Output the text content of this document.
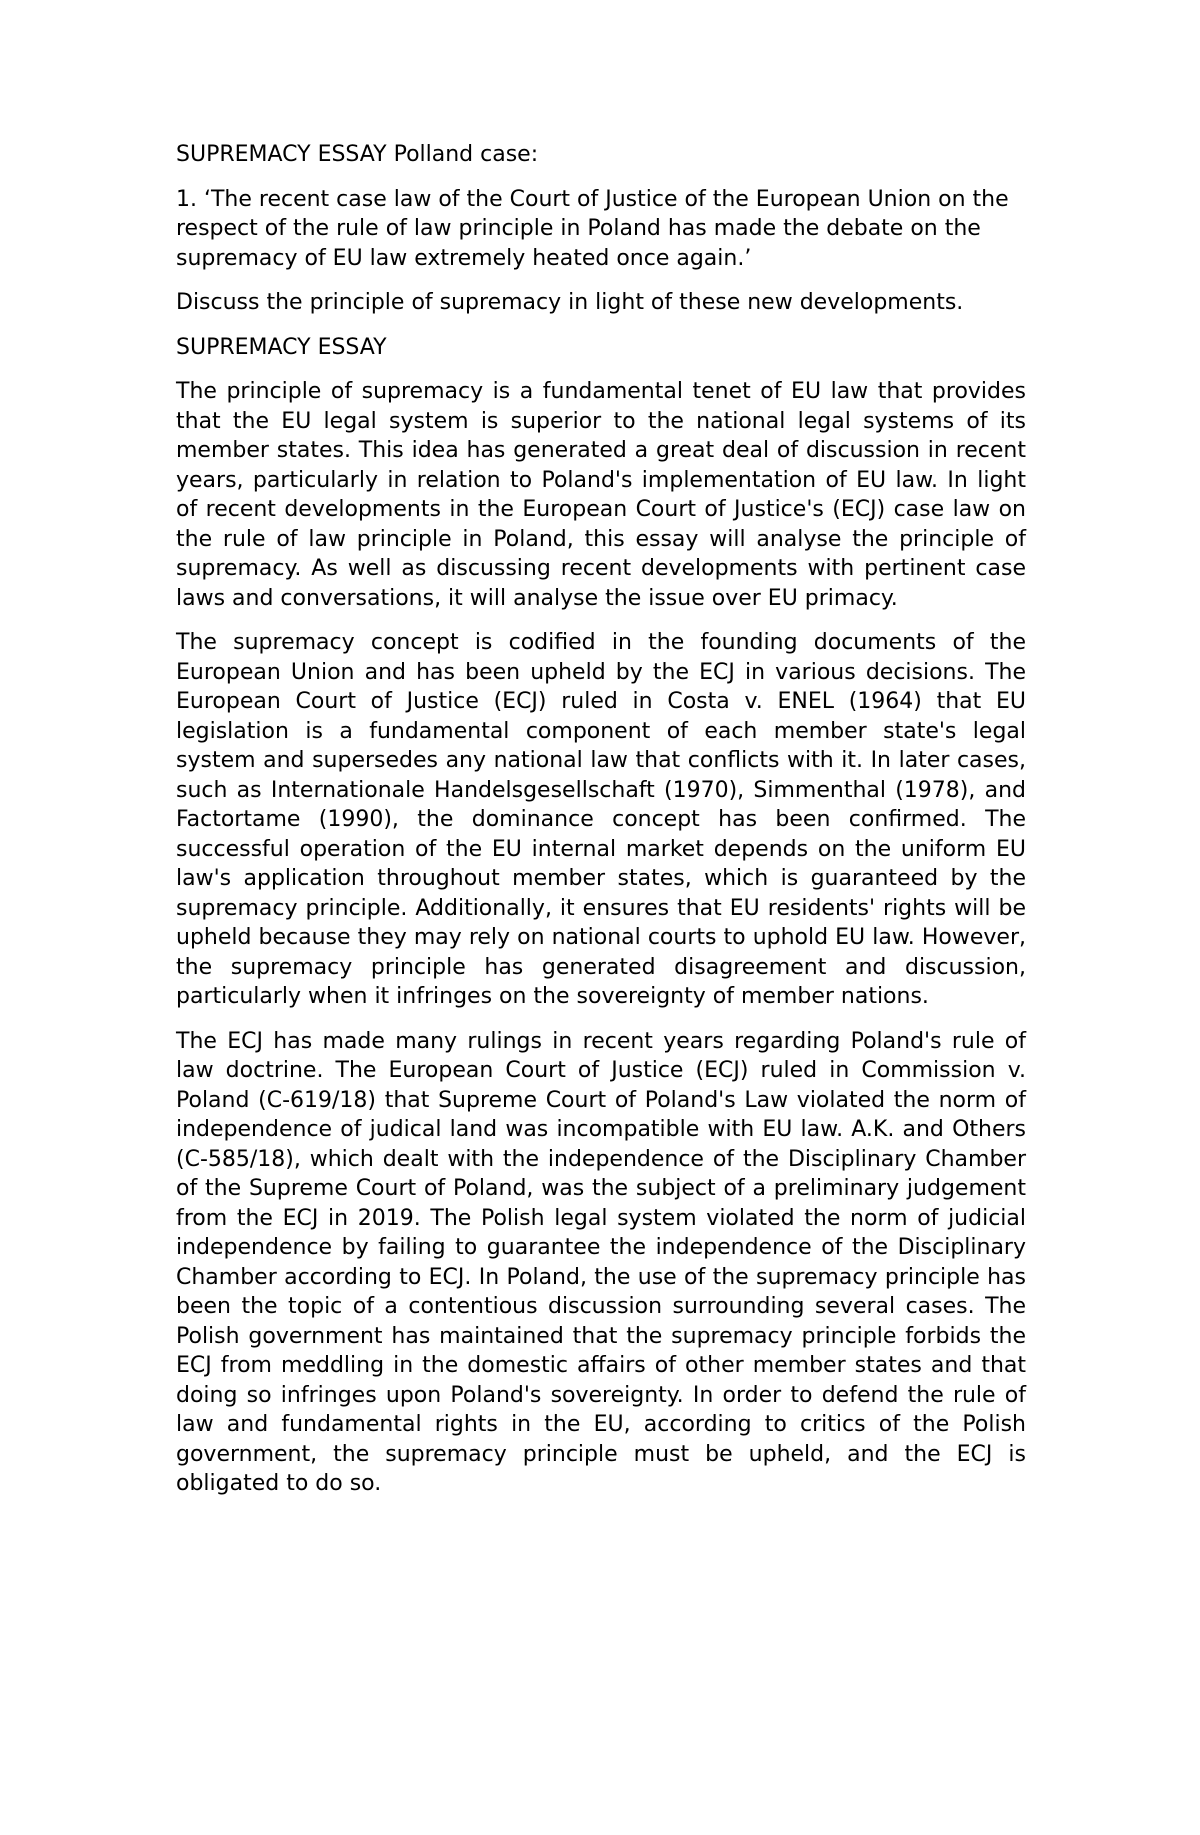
SUPREMACY ESSAY Polland case:

1. ‘The recent case law of the Court of Justice of the European Union on the respect of the rule of law principle in Poland has made the debate on the supremacy of EU law extremely heated once again.’

Discuss the principle of supremacy in light of these new developments.

SUPREMACY ESSAY

The principle of supremacy is a fundamental tenet of EU law that provides that the EU legal system is superior to the national legal systems of its member states. This idea has generated a great deal of discussion in recent years, particularly in relation to Poland's implementation of EU law. In light of recent developments in the European Court of Justice's (ECJ) case law on the rule of law principle in Poland, this essay will analyse the principle of supremacy. As well as discussing recent developments with pertinent case laws and conversations, it will analyse the issue over EU primacy.

The supremacy concept is codified in the founding documents of the European Union and has been upheld by the ECJ in various decisions. The European Court of Justice (ECJ) ruled in Costa v. ENEL (1964) that EU legislation is a fundamental component of each member state's legal system and supersedes any national law that conflicts with it. In later cases, such as Internationale Handelsgesellschaft (1970), Simmenthal (1978), and Factortame (1990), the dominance concept has been confirmed. The successful operation of the EU internal market depends on the uniform EU law's application throughout member states, which is guaranteed by the supremacy principle. Additionally, it ensures that EU residents' rights will be upheld because they may rely on national courts to uphold EU law. However, the supremacy principle has generated disagreement and discussion, particularly when it infringes on the sovereignty of member nations.

The ECJ has made many rulings in recent years regarding Poland's rule of law doctrine. The European Court of Justice (ECJ) ruled in Commission v. Poland (C-619/18) that Supreme Court of Poland's Law violated the norm of independence of judical land was incompatible with EU law. A.K. and Others (C-585/18), which dealt with the independence of the Disciplinary Chamber of the Supreme Court of Poland, was the subject of a preliminary judgement from the ECJ in 2019. The Polish legal system violated the norm of judicial independence by failing to guarantee the independence of the Disciplinary Chamber according to ECJ. In Poland, the use of the supremacy principle has been the topic of a contentious discussion surrounding several cases. The Polish government has maintained that the supremacy principle forbids the ECJ from meddling in the domestic affairs of other member states and that doing so infringes upon Poland's sovereignty. In order to defend the rule of law and fundamental rights in the EU, according to critics of the Polish government, the supremacy principle must be upheld, and the ECJ is obligated to do so.
